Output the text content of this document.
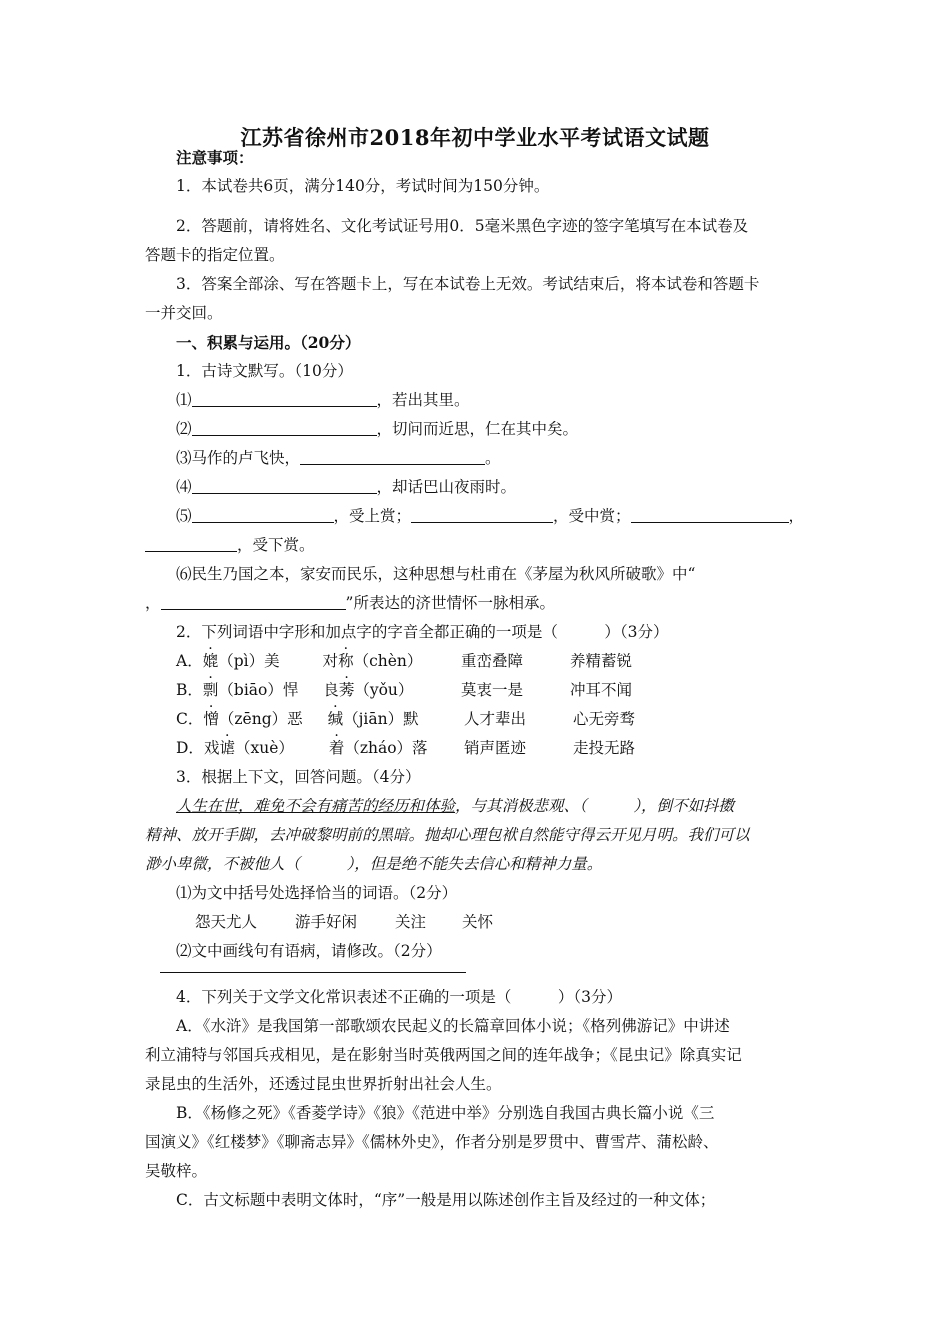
江苏省徐州市2018年初中学业水平考试语文试题
注意事项：
1．本试卷共6页，满分140分，考试时间为150分钟。
2．答题前，请将姓名、文化考试证号用0．5毫米黑色字迹的签字笔填写在本试卷及
答题卡的指定位置。
3．答案全部涂、写在答题卡上，写在本试卷上无效。考试结束后，将本试卷和答题卡
一并交回。
一、积累与运用。（20分）
1．古诗文默写。（10分）
⑴	，若出其里。
⑵	，切问而近思，仁在其中矣。
⑶马作的卢飞快，	。
⑷	，却话巴山夜雨时。
⑸	，受上赏；	，受中赏；	，
，受下赏。
⑹民生乃国之本，家安而民乐，这种思想与杜甫在《茅屋为秋风所破歌》中“
，	”所表达的济世情怀一脉相承。
2．下列词语中字形和加点字的字音全都正确的一项是（　　　）（3分）
A．媲（pì）美	对称（chèn） 重峦叠障	养精蓄锐
B．剽（biāo）悍 良莠（yǒu）	莫衷一是	冲耳不闻
C．憎（zēng）恶 缄（jiān）默	人才辈出	心无旁骛
D．戏谑（xuè） 着（zháo）落 销声匿迹	走投无路
3．根据上下文，回答问题。（4分）
人生在世，难免不会有痛苦的经历和体验，与其消极悲观、（　　　），倒不如抖擞
精神、放开手脚，去冲破黎明前的黑暗。抛却心理包袱自然能守得云开见月明。我们可以
渺小卑微，不被他人（　　　），但是绝不能失去信心和精神力量。
⑴为文中括号处选择恰当的词语。（2分）
怨天尤人 游手好闲 关注 关怀
⑵文中画线句有语病，请修改。（2分）
4．下列关于文学文化常识表述不正确的一项是（　　　）（3分）
A．《水浒》是我国第一部歌颂农民起义的长篇章回体小说；《格列佛游记》中讲述
利立浦特与邻国兵戎相见，是在影射当时英俄两国之间的连年战争；《昆虫记》除真实记
录昆虫的生活外，还透过昆虫世界折射出社会人生。
B．《杨修之死》《香菱学诗》《狼》《范进中举》分别选自我国古典长篇小说《三
国演义》《红楼梦》《聊斋志异》《儒林外史》，作者分别是罗贯中、曹雪芹、蒲松龄、
吴敬梓。
C．古文标题中表明文体时，“序”一般是用以陈述创作主旨及经过的一种文体；
